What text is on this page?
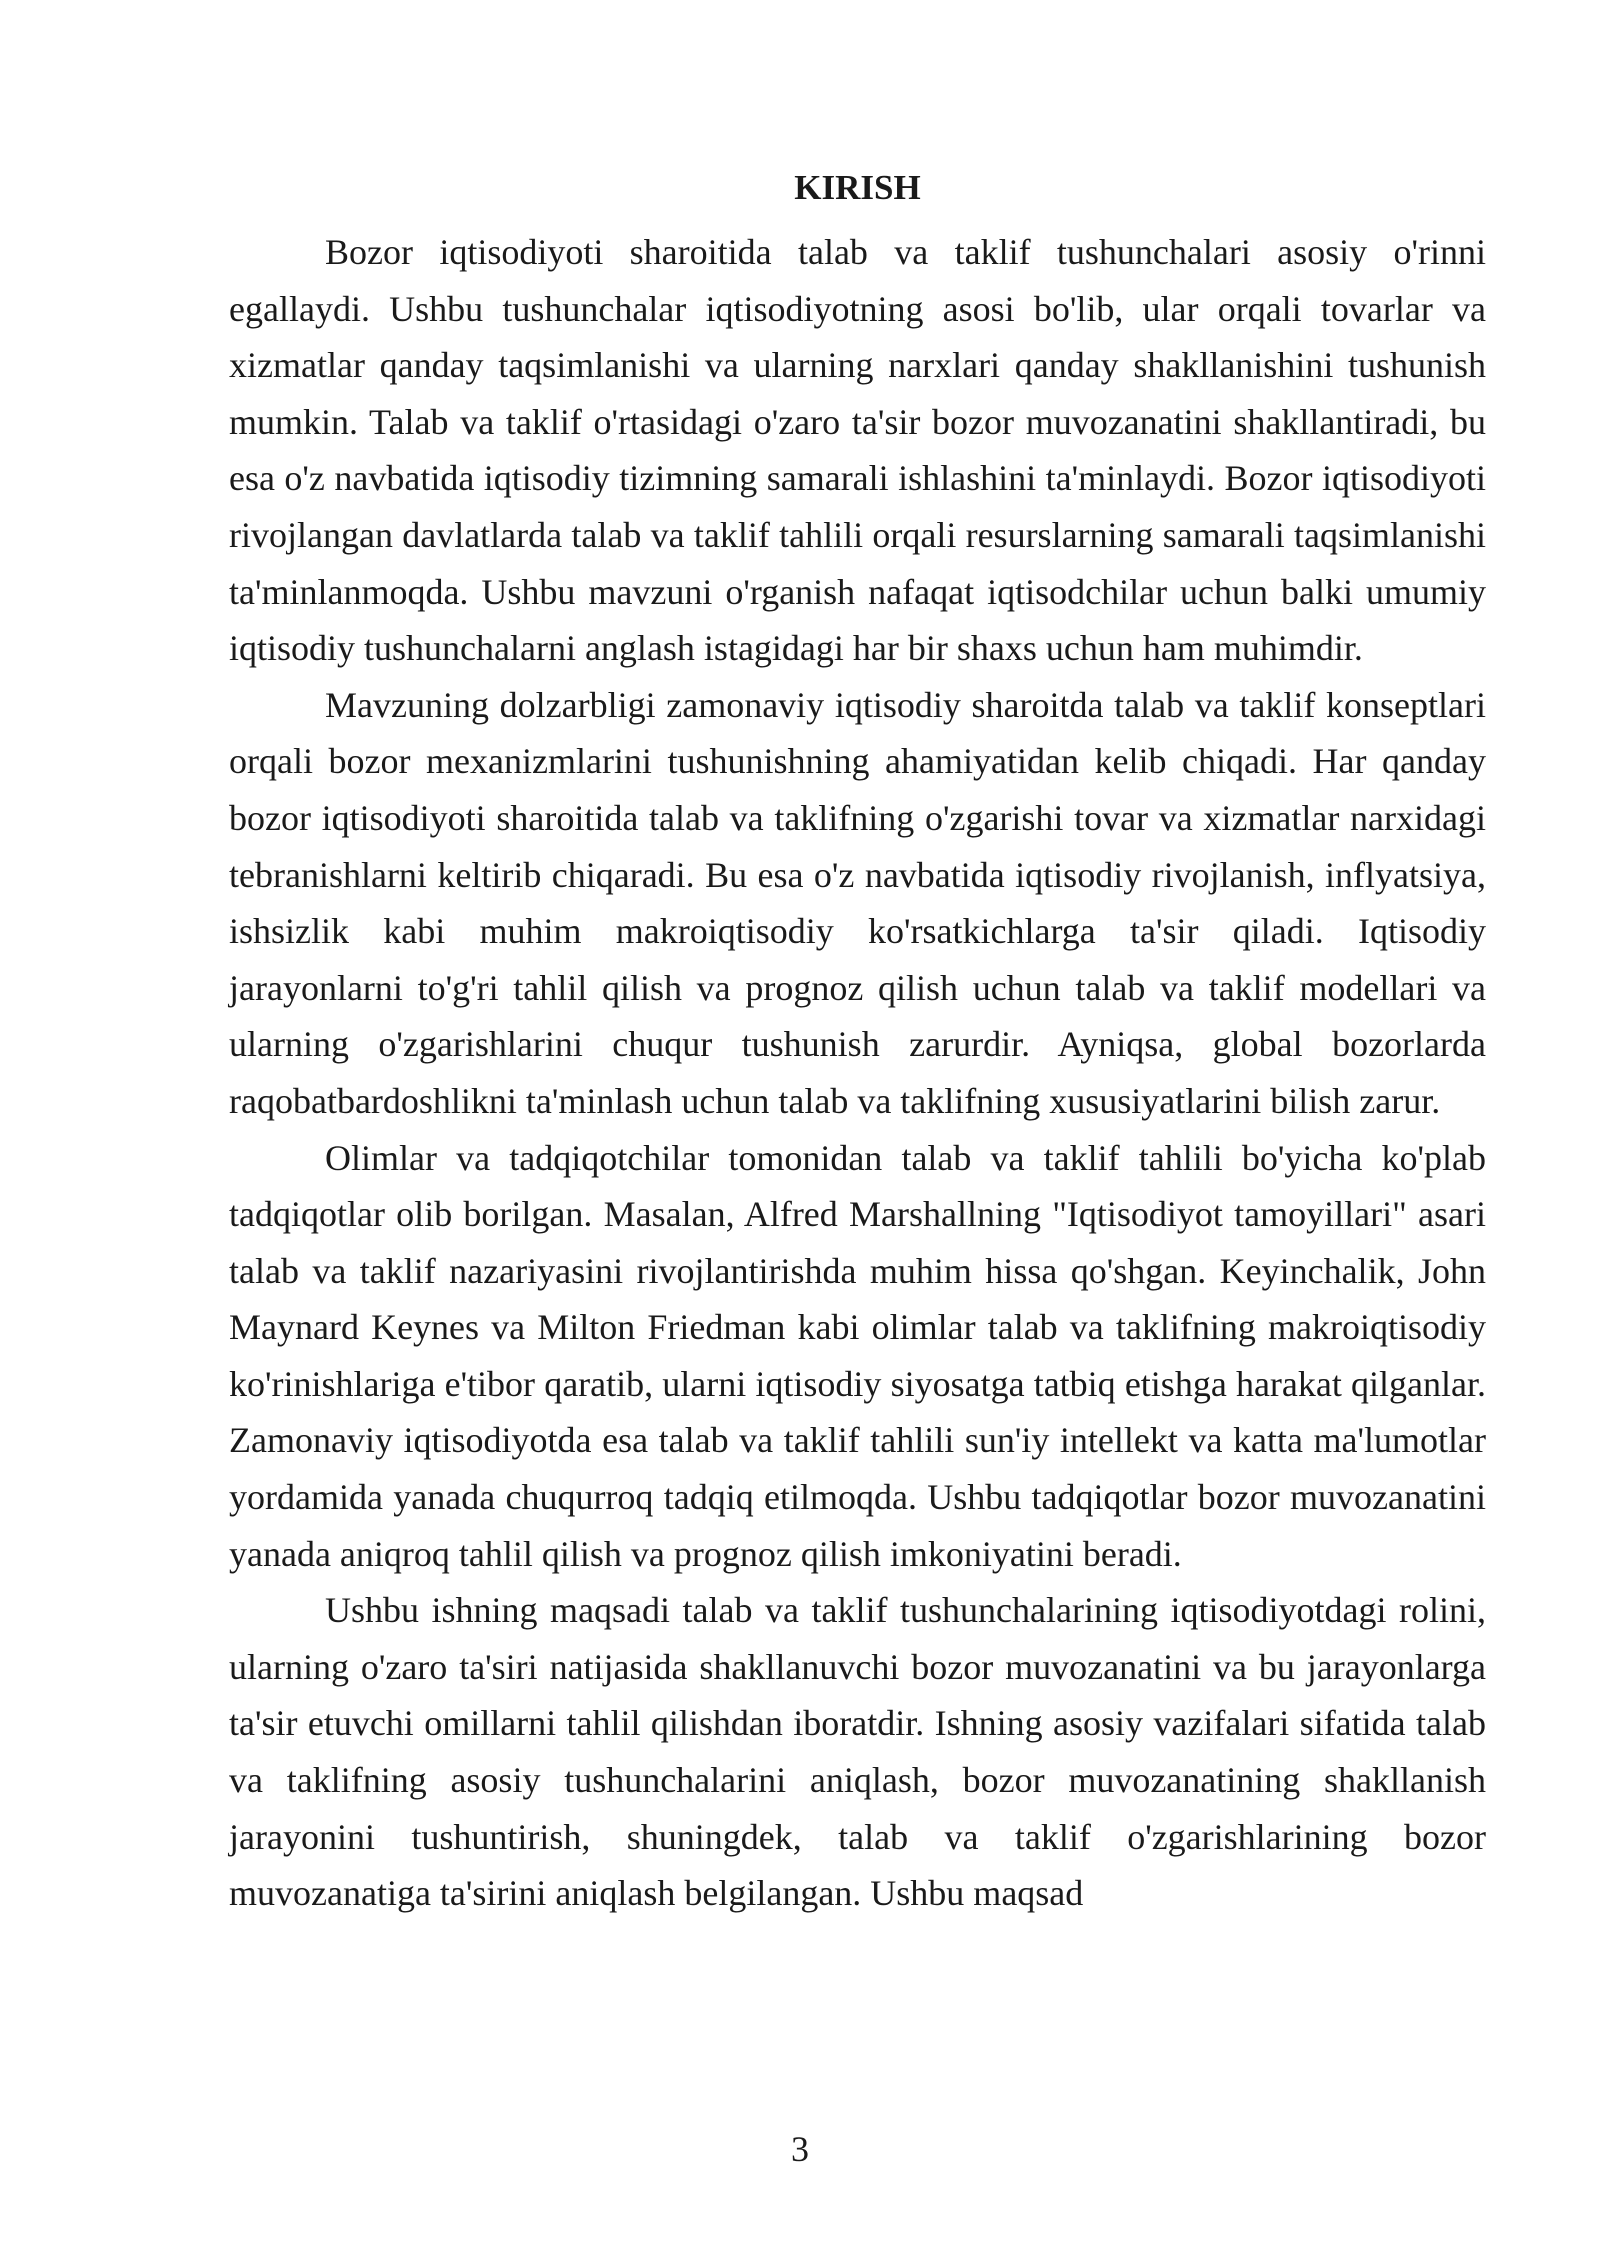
KIRISH

Bozor iqtisodiyoti sharoitida talab va taklif tushunchalari asosiy o'rinni egallaydi. Ushbu tushunchalar iqtisodiyotning asosi bo'lib, ular orqali tovarlar va xizmatlar qanday taqsimlanishi va ularning narxlari qanday shakllanishini tushunish mumkin. Talab va taklif o'rtasidagi o'zaro ta'sir bozor muvozanatini shakllantiradi, bu esa o'z navbatida iqtisodiy tizimning samarali ishlashini ta'minlaydi. Bozor iqtisodiyoti rivojlangan davlatlarda talab va taklif tahlili orqali resurslarning samarali taqsimlanishi ta'minlanmoqda. Ushbu mavzuni o'rganish nafaqat iqtisodchilar uchun balki umumiy iqtisodiy tushunchalarni anglash istagidagi har bir shaxs uchun ham muhimdir.

Mavzuning dolzarbligi zamonaviy iqtisodiy sharoitda talab va taklif konseptlari orqali bozor mexanizmlarini tushunishning ahamiyatidan kelib chiqadi. Har qanday bozor iqtisodiyoti sharoitida talab va taklifning o'zgarishi tovar va xizmatlar narxidagi tebranishlarni keltirib chiqaradi. Bu esa o'z navbatida iqtisodiy rivojlanish, inflyatsiya, ishsizlik kabi muhim makroiqtisodiy ko'rsatkichlarga ta'sir qiladi. Iqtisodiy jarayonlarni to'g'ri tahlil qilish va prognoz qilish uchun talab va taklif modellari va ularning o'zgarishlarini chuqur tushunish zarurdir. Ayniqsa, global bozorlarda raqobatbardoshlikni ta'minlash uchun talab va taklifning xususiyatlarini bilish zarur.

Olimlar va tadqiqotchilar tomonidan talab va taklif tahlili bo'yicha ko'plab tadqiqotlar olib borilgan. Masalan, Alfred Marshallning "Iqtisodiyot tamoyillari" asari talab va taklif nazariyasini rivojlantirishda muhim hissa qo'shgan. Keyinchalik, John Maynard Keynes va Milton Friedman kabi olimlar talab va taklifning makroiqtisodiy ko'rinishlariga e'tibor qaratib, ularni iqtisodiy siyosatga tatbiq etishga harakat qilganlar. Zamonaviy iqtisodiyotda esa talab va taklif tahlili sun'iy intellekt va katta ma'lumotlar yordamida yanada chuqurroq tadqiq etilmoqda. Ushbu tadqiqotlar bozor muvozanatini yanada aniqroq tahlil qilish va prognoz qilish imkoniyatini beradi.

Ushbu ishning maqsadi talab va taklif tushunchalarining iqtisodiyotdagi rolini, ularning o'zaro ta'siri natijasida shakllanuvchi bozor muvozanatini va bu jarayonlarga ta'sir etuvchi omillarni tahlil qilishdan iboratdir. Ishning asosiy vazifalari sifatida talab va taklifning asosiy tushunchalarini aniqlash, bozor muvozanatining shakllanish jarayonini tushuntirish, shuningdek, talab va taklif o'zgarishlarining bozor muvozanatiga ta'sirini aniqlash belgilangan. Ushbu maqsad

3
